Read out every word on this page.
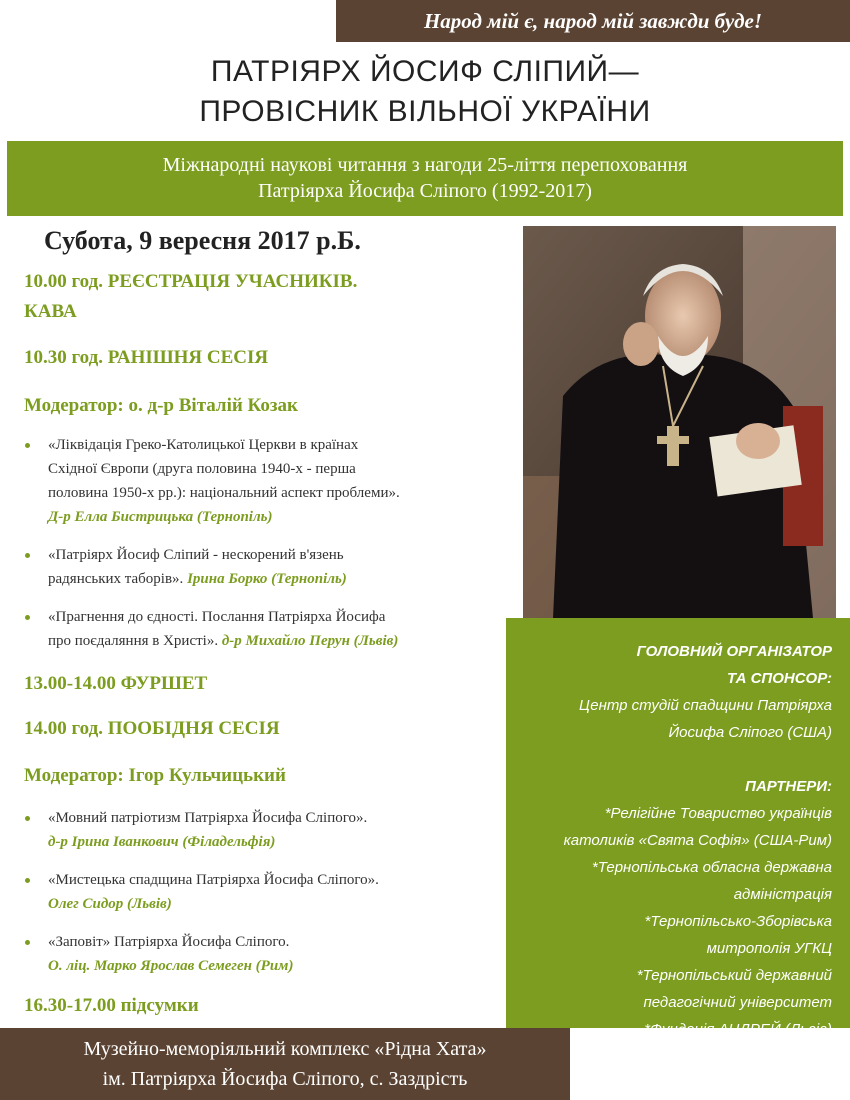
Народ мій є, народ мій завжди буде!
ПАТРІЯРХ ЙОСИФ СЛІПИЙ—
ПРОВІСНИК ВІЛЬНОЇ УКРАЇНИ
Міжнародні наукові читання з нагоди 25-ліття перепоховання
Патріярха Йосифа Сліпого (1992-2017)
Субота, 9 вересня 2017 р.Б.
10.00 год. РЕЄСТРАЦІЯ УЧАСНИКІВ.
КАВА
10.30 год. РАНІШНЯ СЕСІЯ
Модератор: о. д-р Віталій Козак
«Ліквідація Греко-Католицької Церкви в країнах
Східної Європи (друга половина 1940-х - перша
половина 1950-х рр.): національний аспект проблеми».
Д-р Елла Бистрицька (Тернопіль)
«Патріярх Йосиф Сліпий - нескорений в'язень
радянських таборів». Ірина Борко (Тернопіль)
«Прагнення до єдності. Послання Патріярха Йосифа
про поєдаляння в Христі». д-р Михайло Перун (Львів)
13.00-14.00 ФУРШЕТ
14.00 год. ПООБІДНЯ СЕСІЯ
Модератор: Ігор Кульчицький
«Мовний патріотизм Патріярха Йосифа Сліпого».
д-р Ірина Іванкович (Філадельфія)
«Мистецька спадщина Патріярха Йосифа Сліпого».
Олег Сидор (Львів)
«Заповіт» Патріярха Йосифа Сліпого.
О. ліц. Марко Ярослав Семеген (Рим)
16.30-17.00 підсумки
ГОЛОВНИЙ ОРГАНІЗАТОР
ТА СПОНСОР:
Центр студій спадщини Патріярха
Йосифа Сліпого (США)
ПАРТНЕРИ:
*Релігійне Товариство українців
католиків «Свята Софія» (США-Рим)
*Тернопільська обласна державна
адміністрація
*Тернопільсько-Зборівська
митрополія УГКЦ
*Тернопільський державний
педагогічний університет
*Фундація АНДРЕЙ (Львів)
Музейно-меморіяльний комплекс «Рідна Хата»
ім. Патріярха Йосифа Сліпого, с. Заздрість
